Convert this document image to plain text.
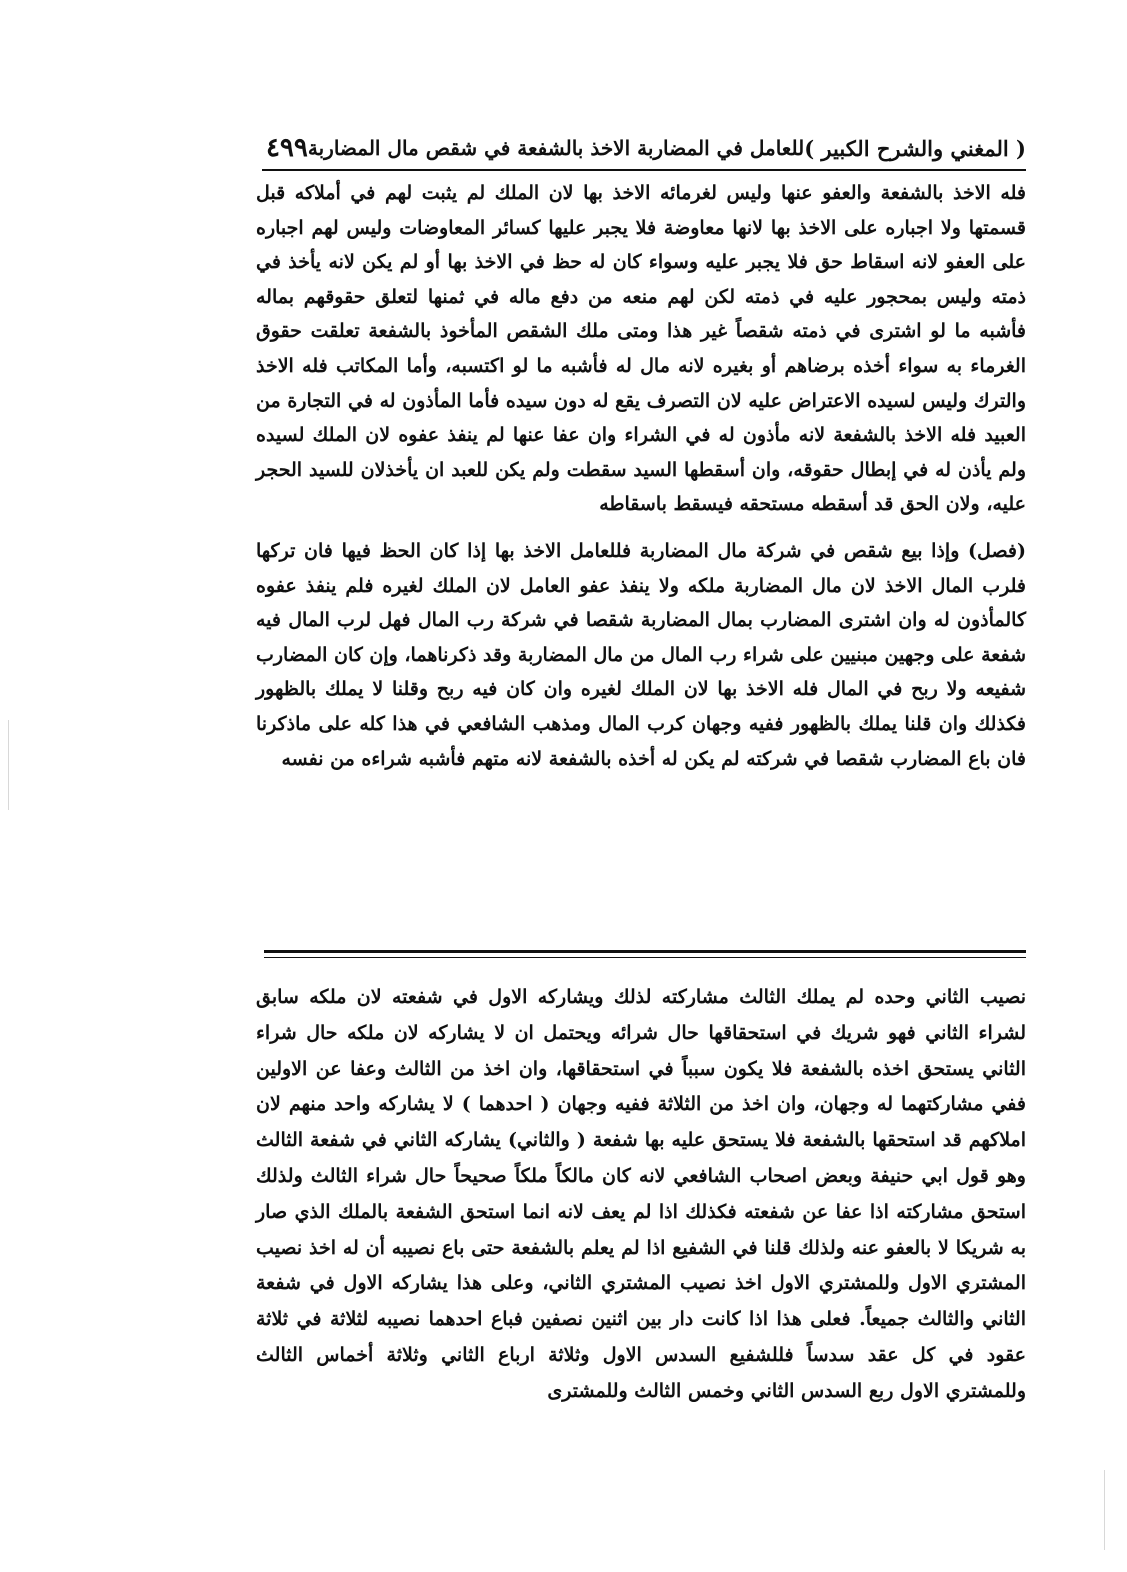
( المغني والشرح الكبير )
للعامل في المضاربة الاخذ بالشفعة في شقص مال المضاربة
٤٩٩

فله الاخذ بالشفعة والعفو عنها وليس لغرمائه الاخذ بها لان الملك لم يثبت لهم في أملاكه قبل قسمتها ولا اجباره على الاخذ بها لانها معاوضة فلا يجبر عليها كسائر المعاوضات وليس لهم اجباره على العفو لانه اسقاط حق فلا يجبر عليه وسواء كان له حظ في الاخذ بها أو لم يكن لانه يأخذ في ذمته وليس بمحجور عليه في ذمته لكن لهم منعه من دفع ماله في ثمنها لتعلق حقوقهم بماله فأشبه ما لو اشترى في ذمته شقصاً غير هذا ومتى ملك الشقص المأخوذ بالشفعة تعلقت حقوق الغرماء به سواء أخذه برضاهم أو بغيره لانه مال له فأشبه ما لو اكتسبه، وأما المكاتب فله الاخذ والترك وليس لسيده الاعتراض عليه لان التصرف يقع له دون سيده فأما المأذون له في التجارة من العبيد فله الاخذ بالشفعة لانه مأذون له في الشراء وان عفا عنها لم ينفذ عفوه لان الملك لسيده ولم يأذن له في إبطال حقوقه، وان أسقطها السيد سقطت ولم يكن للعبد ان يأخذلان للسيد الحجر عليه، ولان الحق قد أسقطه مستحقه فيسقط باسقاطه

(فصل) وإذا بيع شقص في شركة مال المضاربة فللعامل الاخذ بها إذا كان الحظ فيها فان تركها فلرب المال الاخذ لان مال المضاربة ملكه ولا ينفذ عفو العامل لان الملك لغيره فلم ينفذ عفوه كالمأذون له وان اشترى المضارب بمال المضاربة شقصا في شركة رب المال فهل لرب المال فيه شفعة على وجهين مبنيين على شراء رب المال من مال المضاربة وقد ذكرناهما، وإن كان المضارب شفيعه ولا ربح في المال فله الاخذ بها لان الملك لغيره وان كان فيه ربح وقلنا لا يملك بالظهور فكذلك وان قلنا يملك بالظهور ففيه وجهان كرب المال ومذهب الشافعي في هذا كله على ماذكرنا فان باع المضارب شقصا في شركته لم يكن له أخذه بالشفعة لانه متهم فأشبه شراءه من نفسه

نصيب الثاني وحده لم يملك الثالث مشاركته لذلك ويشاركه الاول في شفعته لان ملكه سابق لشراء الثاني فهو شريك في استحقاقها حال شرائه ويحتمل ان لا يشاركه لان ملكه حال شراء الثاني يستحق اخذه بالشفعة فلا يكون سبباً في استحقاقها، وان اخذ من الثالث وعفا عن الاولين ففي مشاركتهما له وجهان، وان اخذ من الثلاثة ففيه وجهان ( احدهما ) لا يشاركه واحد منهم لان املاكهم قد استحقها بالشفعة فلا يستحق عليه بها شفعة ( والثاني) يشاركه الثاني في شفعة الثالث وهو قول ابي حنيفة وبعض اصحاب الشافعي لانه كان مالكاً ملكاً صحيحاً حال شراء الثالث ولذلك استحق مشاركته اذا عفا عن شفعته فكذلك اذا لم يعف لانه انما استحق الشفعة بالملك الذي صار به شريكا لا بالعفو عنه ولذلك قلنا في الشفيع اذا لم يعلم بالشفعة حتى باع نصيبه أن له اخذ نصيب المشتري الاول وللمشتري الاول اخذ نصيب المشتري الثاني، وعلى هذا يشاركه الاول في شفعة الثاني والثالث جميعاً. فعلى هذا اذا كانت دار بين اثنين نصفين فباع احدهما نصيبه لثلاثة في ثلاثة عقود في كل عقد سدساً فللشفيع السدس الاول وثلاثة ارباع الثاني وثلاثة أخماس الثالث وللمشتري الاول ربع السدس الثاني وخمس الثالث وللمشترى
